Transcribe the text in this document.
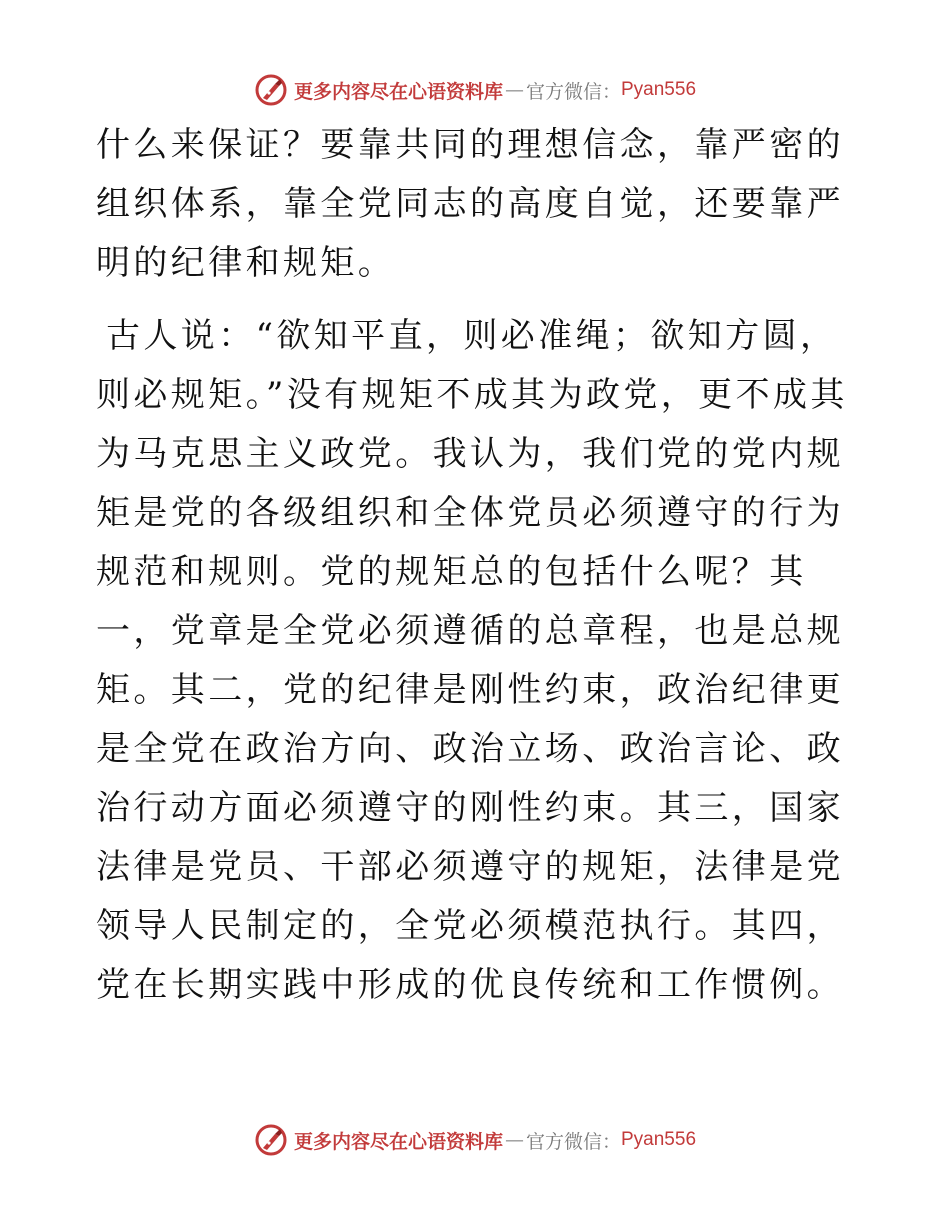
更多内容尽在心语资料库 — 官方微信： Pyan556

什么来保证？要靠共同的理想信念，靠严密的组织体系，靠全党同志的高度自觉，还要靠严明的纪律和规矩。

古人说：“欲知平直，则必准绳；欲知方圆，则必规矩。”没有规矩不成其为政党，更不成其为马克思主义政党。我认为，我们党的党内规矩是党的各级组织和全体党员必须遵守的行为规范和规则。党的规矩总的包括什么呢？其一，党章是全党必须遵循的总章程，也是总规矩。其二，党的纪律是刚性约束，政治纪律更是全党在政治方向、政治立场、政治言论、政治行动方面必须遵守的刚性约束。其三，国家法律是党员、干部必须遵守的规矩，法律是党领导人民制定的，全党必须模范执行。其四，党在长期实践中形成的优良传统和工作惯例。

更多内容尽在心语资料库 — 官方微信： Pyan556
